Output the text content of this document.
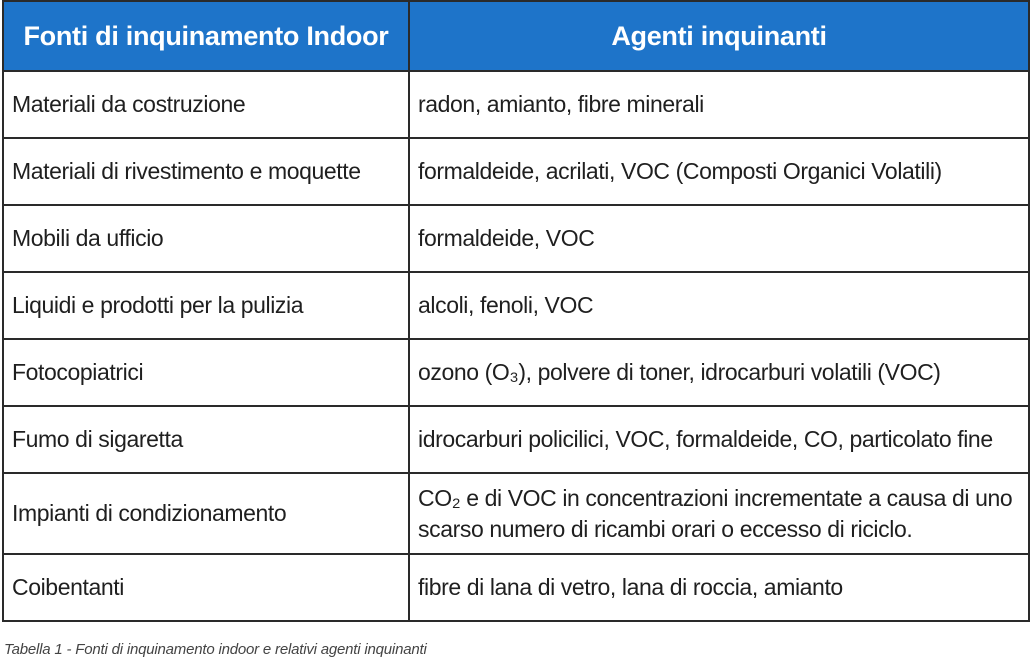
Fonti di inquinamento Indoor	Agenti inquinanti
Materiali da costruzione	radon, amianto, fibre minerali
Materiali di rivestimento e moquette	formaldeide, acrilati, VOC (Composti Organici Volatili)
Mobili da ufficio	formaldeide, VOC
Liquidi e prodotti per la pulizia	alcoli, fenoli, VOC
Fotocopiatrici	ozono (O₃), polvere di toner, idrocarburi volatili (VOC)
Fumo di sigaretta	idrocarburi policilici, VOC, formaldeide, CO, particolato fine
Impianti di condizionamento	CO₂ e di VOC in concentrazioni incrementate a causa di uno
scarso numero di ricambi orari o eccesso di riciclo.

Coibentanti	fibre di lana di vetro, lana di roccia, amianto
Tabella 1 - Fonti di inquinamento indoor e relativi agenti inquinanti
